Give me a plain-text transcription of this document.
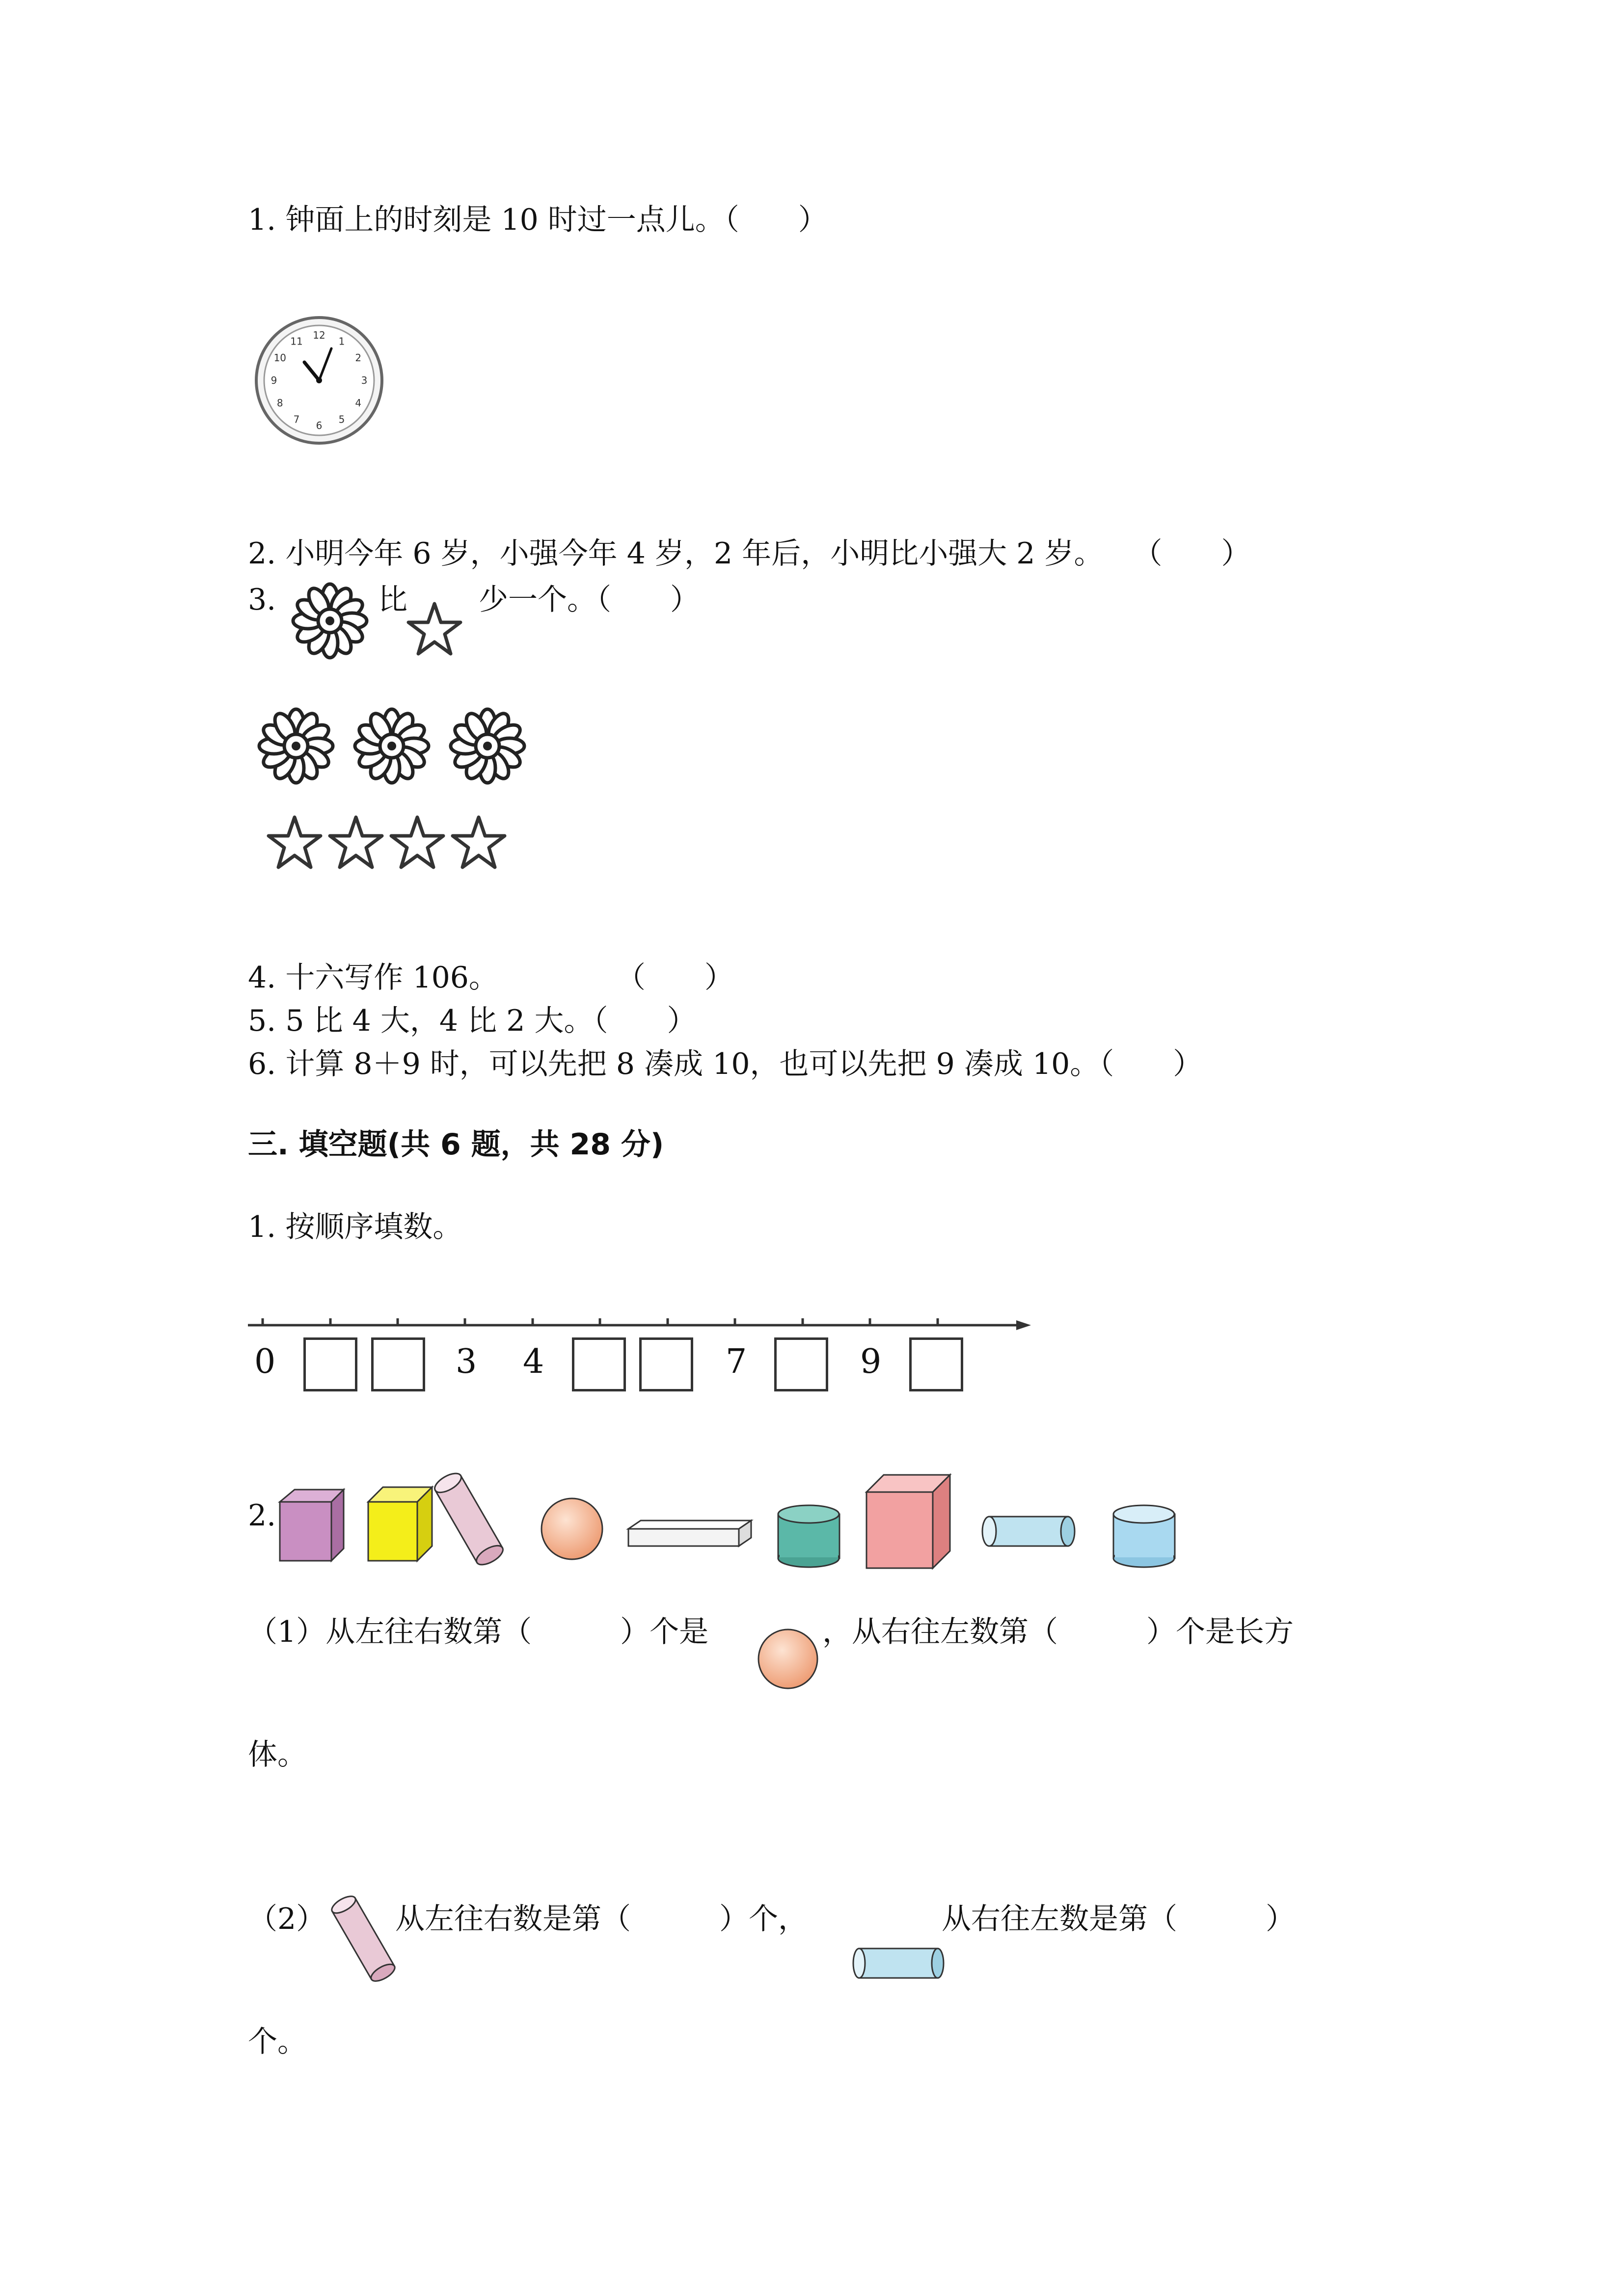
1. 钟面上的时刻是 10 时过一点儿。（　　）
12
1
2
3
4
5
6
7
8
9
10
11
2. 小明今年 6 岁，小强今年 4 岁，2 年后，小明比小强大 2 岁。　　（　　）
3.	比 少一个。（　　）
4. 十六写作 106。　　　　　（　　）
5. 5 比 4 大，4 比 2 大。（　　）
6. 计算 8＋9 时，可以先把 8 凑成 10，也可以先把 9 凑成 10。（　　）
三. 填空题(共 6 题，共 28 分)
1. 按顺序填数。
0	3 4	7	9
2.
（1）从左往右数第（　　　）个是	，从右往左数第（　　　）个是长方
体。
（2） 从左往右数是第（　　　）个，	从右往左数是第（　　　）
个。
